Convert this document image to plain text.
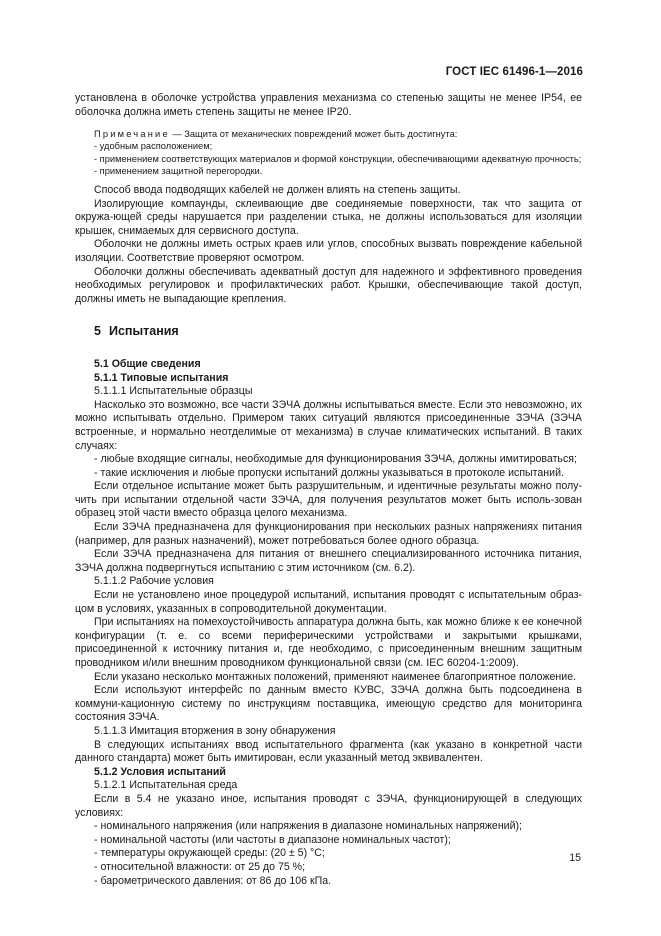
ГОСТ IEC 61496-1—2016

установлена в оболочке устройства управления механизма со степенью защиты не менее IP54, ее оболочка должна иметь степень защиты не менее IP20.

Примечание — Защита от механических повреждений может быть достигнута:

- удобным расположением;

- применением соответствующих материалов и формой конструкции, обеспечивающими адекватную прочность;

- применением защитной перегородки.

Способ ввода подводящих кабелей не должен влиять на степень защиты.

Изолирующие компаунды, склеивающие две соединяемые поверхности, так что защита от окружа-ющей среды нарушается при разделении стыка, не должны использоваться для изоляции крышек, снимаемых для сервисного доступа.

Оболочки не должны иметь острых краев или углов, способных вызвать повреждение кабельной изоляции. Соответствие проверяют осмотром.

Оболочки должны обеспечивать адекватный доступ для надежного и эффективного проведения необходимых регулировок и профилактических работ. Крышки, обеспечивающие такой доступ, должны иметь не выпадающие крепления.

5 Испытания

5.1 Общие сведения

5.1.1 Типовые испытания

5.1.1.1 Испытательные образцы

Насколько это возможно, все части ЗЭЧА должны испытываться вместе. Если это невозможно, их можно испытывать отдельно. Примером таких ситуаций являются присоединенные ЗЭЧА (ЗЭЧА встроенные, и нормально неотделимые от механизма) в случае климатических испытаний. В таких случаях:

- любые входящие сигналы, необходимые для функционирования ЗЭЧА, должны имитироваться;

- такие исключения и любые пропуски испытаний должны указываться в протоколе испытаний.

Если отдельное испытание может быть разрушительным, и идентичные результаты можно полу-чить при испытании отдельной части ЗЭЧА, для получения результатов может быть исполь-зован образец этой части вместо образца целого механизма.

Если ЗЭЧА предназначена для функционирования при нескольких разных напряжениях питания (например, для разных назначений), может потребоваться более одного образца.

Если ЗЭЧА предназначена для питания от внешнего специализированного источника питания, ЗЭЧА должна подвергнуться испытанию с этим источником (см. 6.2).

5.1.1.2 Рабочие условия

Если не установлено иное процедурой испытаний, испытания проводят с испытательным образ-цом в условиях, указанных в сопроводительной документации.

При испытаниях на помехоустойчивость аппаратура должна быть, как можно ближе к ее конечной конфигурации (т. е. со всеми периферическими устройствами и закрытыми крышками, присоединенной к источнику питания и, где необходимо, с присоединенным внешним защитным проводником и/или внешним проводником функциональной связи (см. IEC 60204-1:2009).

Если указано несколько монтажных положений, применяют наименее благоприятное положение.

Если используют интерфейс по данным вместо КУВС, ЗЭЧА должна быть подсоединена в коммуни-кационную систему по инструкциям поставщика, имеющую средство для мониторинга состояния ЗЭЧА.

5.1.1.3 Имитация вторжения в зону обнаружения

В следующих испытаниях ввод испытательного фрагмента (как указано в конкретной части данного стандарта) может быть имитирован, если указанный метод эквивалентен.

5.1.2 Условия испытаний

5.1.2.1 Испытательная среда

Если в 5.4 не указано иное, испытания проводят с ЗЭЧА, функционирующей в следующих условиях:

- номинального напряжения (или напряжения в диапазоне номинальных напряжений);

- номинальной частоты (или частоты в диапазоне номинальных частот);

- температуры окружающей среды: (20 ± 5) °С;

- относительной влажности: от 25 до 75 %;

- барометрического давления: от 86 до 106 кПа.

15
